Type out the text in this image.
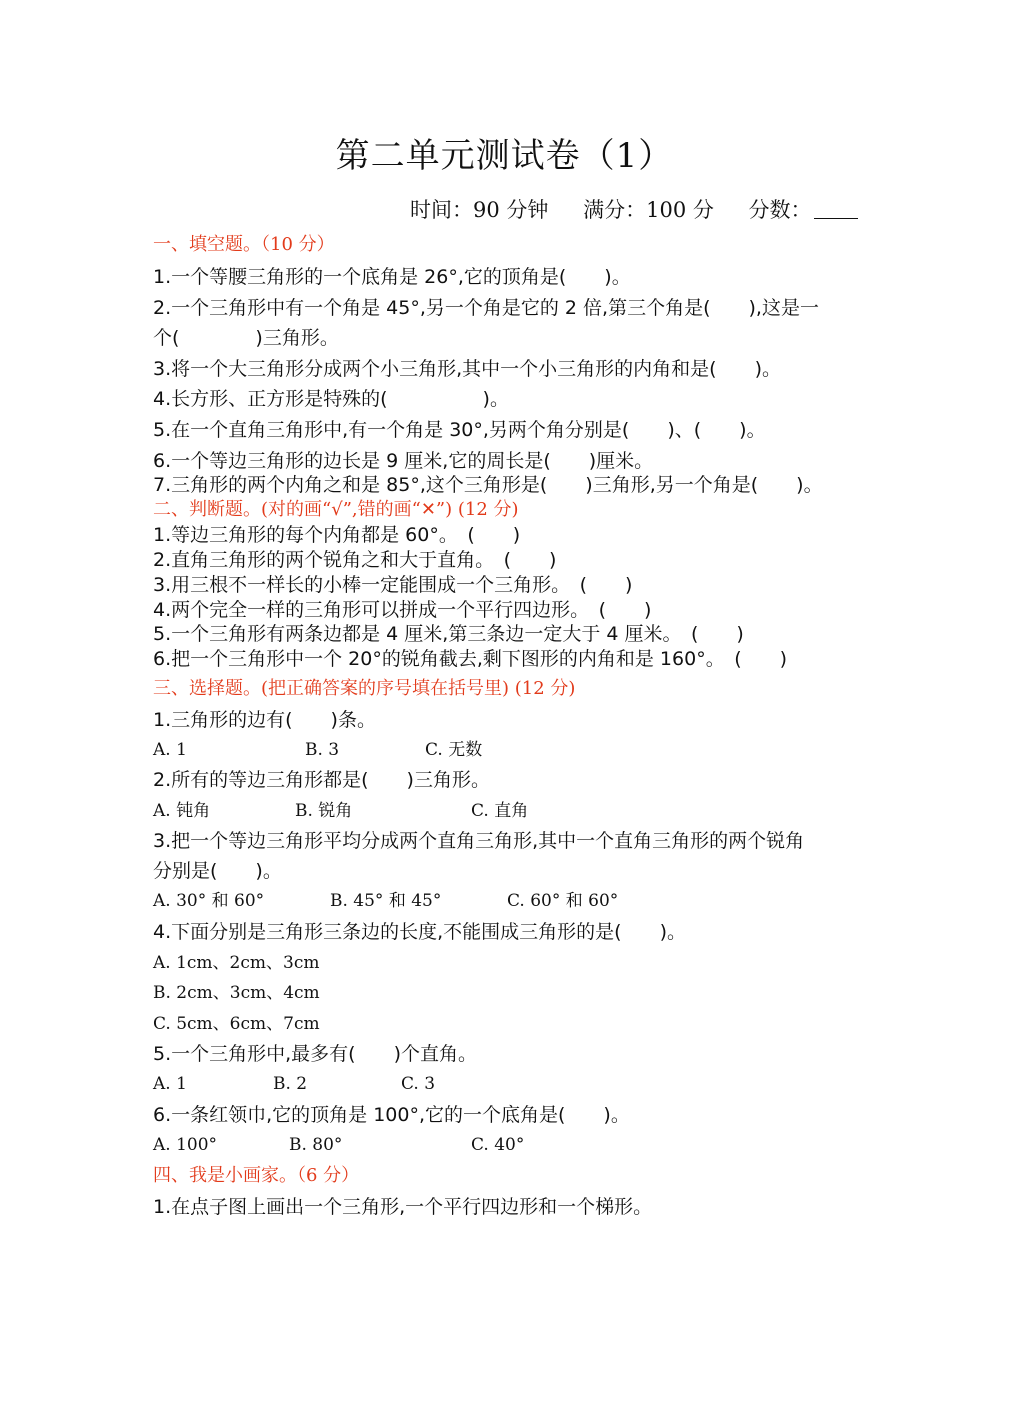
第二单元测试卷（1）
时间：90 分钟 满分：100 分 分数：
一、填空题。（10 分）
1.一个等腰三角形的一个底角是 26°,它的顶角是(　　)。
2.一个三角形中有一个角是 45°,另一个角是它的 2 倍,第三个角是(　　),这是一
个(　　　　)三角形。
3.将一个大三角形分成两个小三角形,其中一个小三角形的内角和是(　　)。
4.长方形、正方形是特殊的(　　　　　)。
5.在一个直角三角形中,有一个角是 30°,另两个角分别是(　　)、(　　)。
6.一个等边三角形的边长是 9 厘米,它的周长是(　　)厘米。
7.三角形的两个内角之和是 85°,这个三角形是(　　)三角形,另一个角是(　　)。
二、判断题。(对的画“√”,错的画“✕”) (12 分)
1.等边三角形的每个内角都是 60°。　(　　)
2.直角三角形的两个锐角之和大于直角。　(　　)
3.用三根不一样长的小棒一定能围成一个三角形。　(　　)
4.两个完全一样的三角形可以拼成一个平行四边形。　(　　)
5.一个三角形有两条边都是 4 厘米,第三条边一定大于 4 厘米。　(　　)
6.把一个三角形中一个 20°的锐角截去,剩下图形的内角和是 160°。　(　　)
三、选择题。(把正确答案的序号填在括号里) (12 分)
1.三角形的边有(　　)条。
A. 1	B. 3	C. 无数
2.所有的等边三角形都是(　　)三角形。
A. 钝角	B. 锐角	C. 直角
3.把一个等边三角形平均分成两个直角三角形,其中一个直角三角形的两个锐角
分别是(　　)。
A. 30° 和 60°	B. 45° 和 45°	C. 60° 和 60°
4.下面分别是三角形三条边的长度,不能围成三角形的是(　　)。
A. 1cm、2cm、3cm
B. 2cm、3cm、4cm
C. 5cm、6cm、7cm
5.一个三角形中,最多有(　　)个直角。
A. 1	B. 2	C. 3
6.一条红领巾,它的顶角是 100°,它的一个底角是(　　)。
A. 100°	B. 80°	C. 40°
四、我是小画家。（6 分）
1.在点子图上画出一个三角形,一个平行四边形和一个梯形。
